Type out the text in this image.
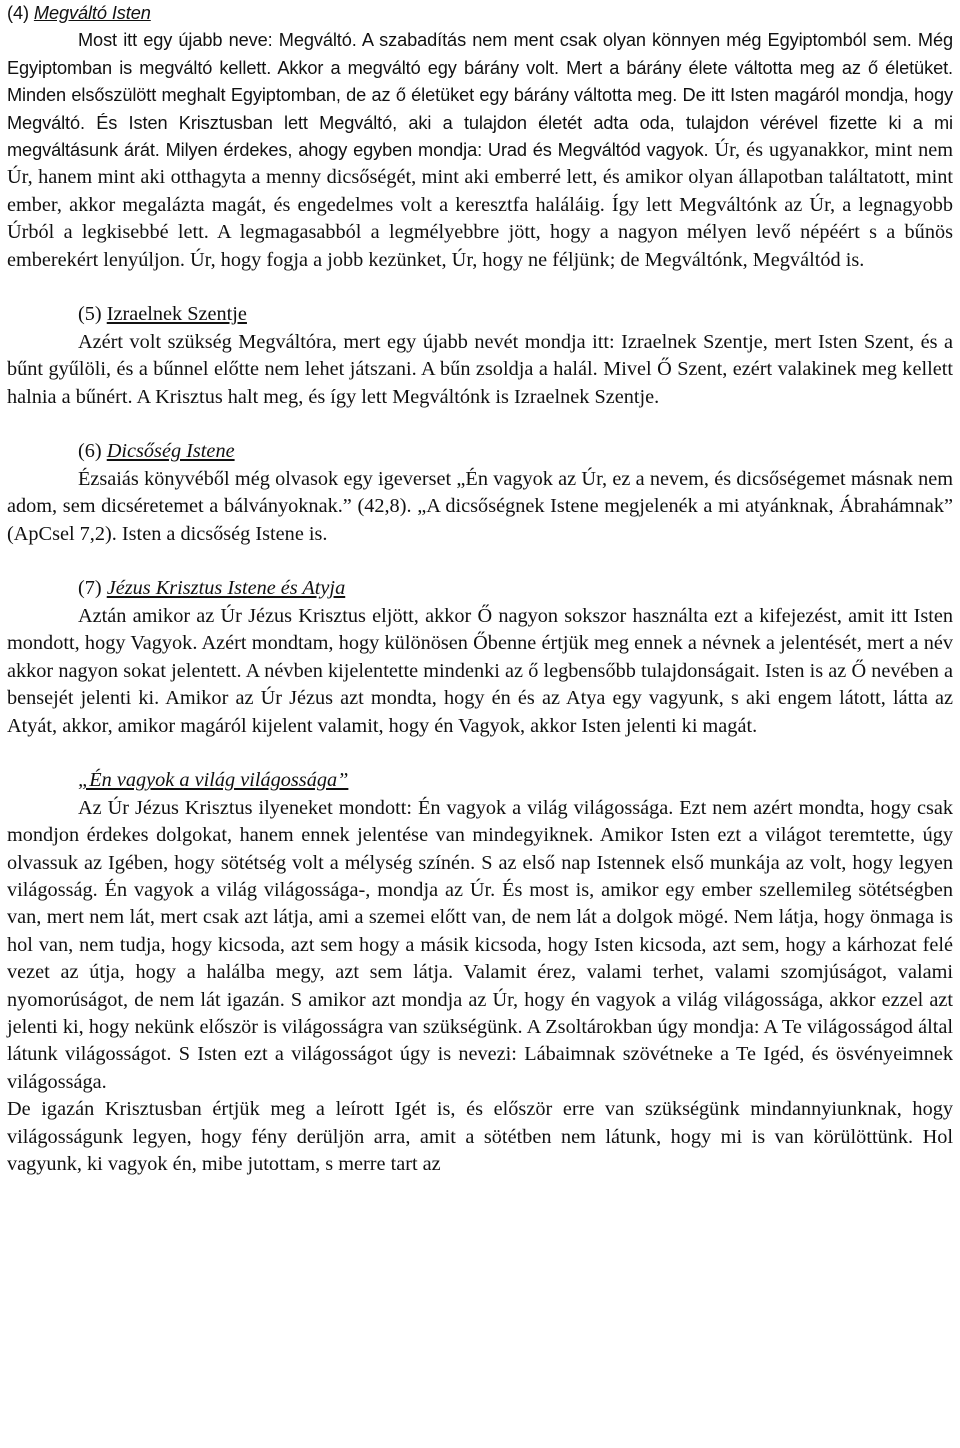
(4) Megváltó Isten

Most itt egy újabb neve: Megváltó. A szabadítás nem ment csak olyan könnyen még Egyiptomból sem. Még Egyiptomban is megváltó kellett. Akkor a megváltó egy bárány volt. Mert a bárány élete váltotta meg az ő életüket. Minden elsőszülött meghalt Egyiptomban, de az ő életüket egy bárány váltotta meg. De itt Isten magáról mondja, hogy Megváltó. És Isten Krisztusban lett Megváltó, aki a tulajdon életét adta oda, tulajdon vérével fizette ki a mi megváltásunk árát. Milyen érdekes, ahogy egyben mondja: Urad és Megváltód vagyok. Úr, és ugyanakkor, mint nem Úr, hanem mint aki otthagyta a menny dicsőségét, mint aki emberré lett, és amikor olyan állapotban találtatott, mint ember, akkor megalázta magát, és engedelmes volt a keresztfa haláláig. Így lett Megváltónk az Úr, a legnagyobb Úrból a legkisebbé lett. A legmagasabból a legmélyebbre jött, hogy a nagyon mélyen levő népéért s a bűnös emberekért lenyúljon. Úr, hogy fogja a jobb kezünket, Úr, hogy ne féljünk; de Megváltónk, Megváltód is.

(5) Izraelnek Szentje

Azért volt szükség Megváltóra, mert egy újabb nevét mondja itt: Izraelnek Szentje, mert Isten Szent, és a bűnt gyűlöli, és a bűnnel előtte nem lehet játszani. A bűn zsoldja a halál. Mivel Ő Szent, ezért valakinek meg kellett halnia a bűnért. A Krisztus halt meg, és így lett Megváltónk is Izraelnek Szentje.

(6) Dicsőség Istene

Ézsaiás könyvéből még olvasok egy igeverset „Én vagyok az Úr, ez a nevem, és dicsőségemet másnak nem adom, sem dicséretemet a bálványoknak.” (42,8). „A dicsőségnek Istene megjelenék a mi atyánknak, Ábrahámnak” (ApCsel 7,2). Isten a dicsőség Istene is.

(7) Jézus Krisztus Istene és Atyja

Aztán amikor az Úr Jézus Krisztus eljött, akkor Ő nagyon sokszor használta ezt a kifejezést, amit itt Isten mondott, hogy Vagyok. Azért mondtam, hogy különösen Őbenne értjük meg ennek a névnek a jelentését, mert a név akkor nagyon sokat jelentett. A névben kijelentette mindenki az ő legbensőbb tulajdonságait. Isten is az Ő nevében a bensejét jelenti ki. Amikor az Úr Jézus azt mondta, hogy én és az Atya egy vagyunk, s aki engem látott, látta az Atyát, akkor, amikor magáról kijelent valamit, hogy én Vagyok, akkor Isten jelenti ki magát.

„Én vagyok a világ világossága”

Az Úr Jézus Krisztus ilyeneket mondott: Én vagyok a világ világossága. Ezt nem azért mondta, hogy csak mondjon érdekes dolgokat, hanem ennek jelentése van mindegyiknek. Amikor Isten ezt a világot teremtette, úgy olvassuk az Igében, hogy sötétség volt a mélység színén. S az első nap Istennek első munkája az volt, hogy legyen világosság. Én vagyok a világ világossága-, mondja az Úr. És most is, amikor egy ember szellemileg sötétségben van, mert nem lát, mert csak azt látja, ami a szemei előtt van, de nem lát a dolgok mögé. Nem látja, hogy önmaga is hol van, nem tudja, hogy kicsoda, azt sem hogy a másik kicsoda, hogy Isten kicsoda, azt sem, hogy a kárhozat felé vezet az útja, hogy a halálba megy, azt sem látja. Valamit érez, valami terhet, valami szomjúságot, valami nyomorúságot, de nem lát igazán. S amikor azt mondja az Úr, hogy én vagyok a világ világossága, akkor ezzel azt jelenti ki, hogy nekünk először is világosságra van szükségünk. A Zsoltárokban úgy mondja: A Te világosságod által látunk világosságot. S Isten ezt a világosságot úgy is nevezi: Lábaimnak szövétneke a Te Igéd, és ösvényeimnek világossága.

De igazán Krisztusban értjük meg a leírott Igét is, és először erre van szükségünk mindannyiunknak, hogy világosságunk legyen, hogy fény derüljön arra, amit a sötétben nem látunk, hogy mi is van körülöttünk. Hol vagyunk, ki vagyok én, mibe jutottam, s merre tart az
